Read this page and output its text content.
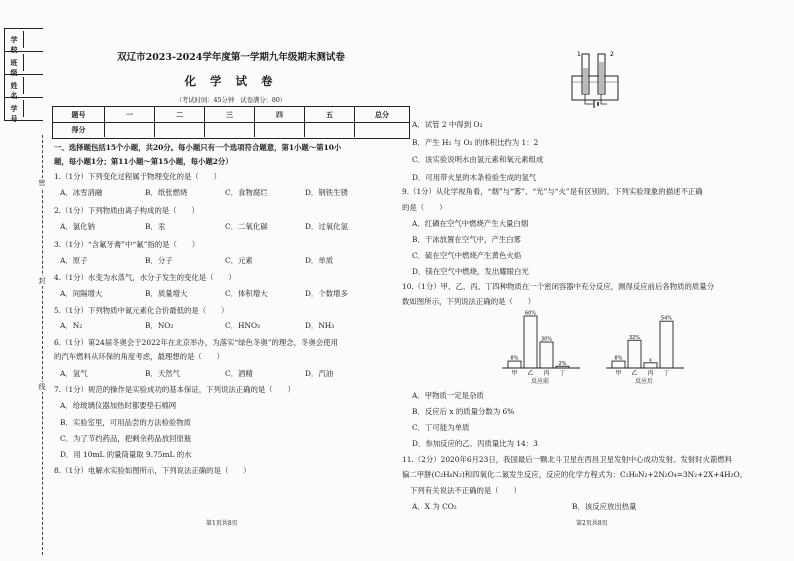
学 校
班 级
姓 名
学 号
密
封
线
双辽市2023-2024学年度第一学期九年级期末测试卷
化 学 试 卷
（考试时间：45分钟　试卷满分：80）
题号	一	二	三	四	五	总分
得分
一、选择题包括15个小题，共20分。每小题只有一个选项符合题意，第1小题～第10小
题，每小题1分；第11小题～第15小题，每小题2分）
1.（1分）下列变化过程属于物理变化的是（　　）
A．冰雪消融	B．纸张燃烧	C．食物腐烂	D．钢铁生锈
2.（1分）下列物质由离子构成的是（　　）
A．氯化钠	B．汞	C．二氧化碳	D．过氧化氢
3.（1分）“含氟牙膏”中“氟”指的是（　　）
A．原子	B．分子	C．元素	D．单质
4.（1分）水变为水蒸气，水分子发生的变化是（　　）
A．间隔增大	B．质量增大	C．体积增大	D．个数增多
5.（1分）下列物质中氮元素化合价最低的是（　　）
A．N₂	B．NO₂	C．HNO₃	D．NH₃
6.（1分）第24届冬奥会于2022年在北京举办，为落实“绿色冬奥”的理念，冬奥会使用
的汽车燃料从环保的角度考虑，最理想的是（　　）
A．氢气	B．天然气	C．酒精	D．汽油
7.（1分）规范的操作是实验成功的基本保证，下列说法正确的是（　　）
A．给玻璃仪器加热时都要垫石棉网
B．实验室里，可用品尝的方法检验物质
C．为了节约药品，把剩余药品放回原瓶
D．用 10mL 的量筒量取 9.75mL 的水
8.（1分）电解水实验如图所示，下列说法正确的是（　　）
第1页共8页
1	2
A．试管 2 中得到 O₂
B．产生 H₂ 与 O₂ 的体积比约为 1：2
C．该实验说明水由氢元素和氧元素组成
D．可用带火星的木条检验生成的氢气
9.（1分）从化学视角看，“烟”与“雾”、“光”与“火”是有区别的。下列实验现象的描述不正确
的是（　　）
A．红磷在空气中燃烧产生大量白烟
B．干冰放置在空气中，产生白雾
C．硫在空气中燃烧产生黄色火焰
D．镁在空气中燃烧，发出耀眼白光
10.（1分）甲、乙、丙、丁四种物质在一个密闭容器中充分反应，测得反应前后各物质的质量分
数如图所示，下列说法正确的是（　　）
8%
甲
60%
乙
30%
丙
2%
丁
反应前
8%
甲
32%
乙
x
丙
54%
丁
反应后
A．甲物质一定是杂质
B．反应后 x 的质量分数为 6%
C．丁可能为单质
D．参加反应的乙、丙质量比为 14：3
11.（2分）2020年6月23日，我国最后一颗北斗卫星在西昌卫星发射中心成功发射。发射时火箭燃料
偏二甲肼(C₂H₈N₂)和四氧化二氮发生反应，反应的化学方程式为：C₂H₈N₂+2N₂O₄=3N₂+2X+4H₂O。
下列有关说法不正确的是（　　）
A．X 为 CO₂	B．该反应放出热量
第2页共8页
